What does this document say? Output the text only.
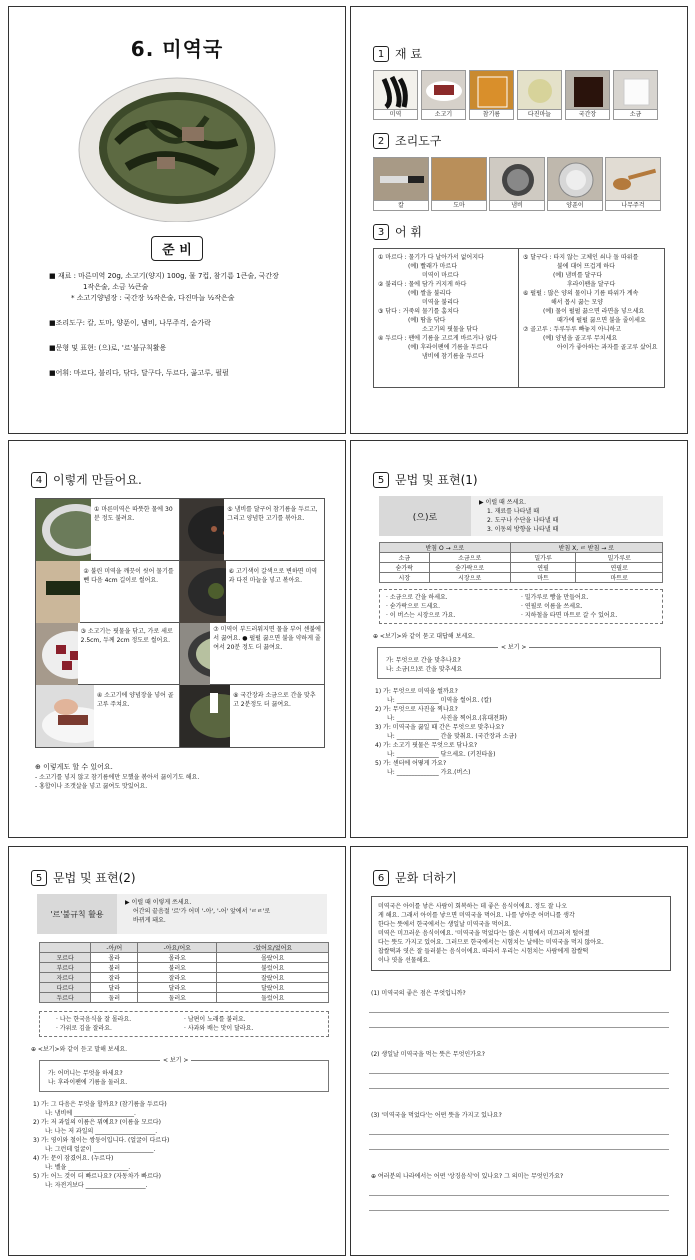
6. 미역국
준 비
■ 재료 : 마른미역 20g, 소고기(양지) 100g, 물 7컵, 참기름 1큰술, 국간장
1작은술, 소금 ½큰술
* 소고기양념장 : 국간장 ½작은술, 다진마늘 ½작은술
■조리도구: 칼, 도마, 양푼이, 냄비, 나무주걱, 숟가락
■문형 및 표현: (으)로, '르'불규칙활용
■어휘: 마르다, 불리다, 닦다, 달구다, 두르다, 곪고루, 펄펄
1 재 료
미역	소고기	참기름	다진마늘	국간장	소금
2 조리도구
칼	도마	냄비	양푼이	나무주걱
3 어 휘
① 마르다 : 물기가 다 날아가서 없어지다
(예) 빨래가 마르다
미역이 마르다
② 불리다 : 물에 담가 커지게 하다
(예) 쌀을 불리다
미역을 불리다
③ 닦다 : 거죽의 물기를 훔치다
(예) 땀을 닦다
소고기의 핏물을 닦다
④ 두르다 : 팬에 기름을 고르게 바르거나 얹다
(예) 후라이팬에 기름을 두르다
냄비에 참기름을 두르다
⑤ 달구다 : 타지 않는 고체인 쇠나 돌 따위를
불에 대어 뜨겁게 하다
(예) 냄비를 달구다
후라이팬을 달구다
⑥ 펄펄 : 많은 양의 물이나 기름 따위가 계속
해서 몹시 끓는 모양
(예) 물이 펄펄 끓으면 라면을 넣으세요
때가에 펄펄 끓으면 불을 줄이세요
⑦ 골고루 : 두루두루 빠놓지 아니하고
(예) 양념을 골고루 무치세요
아이가 좋아하는 과자를 골고루 샀어요
4 이렇게 만들어요.
① 마른미역은 따뜻한 물에 30분 정도 불려요.
② 불린 미역을 깨끗이 씻어 물기를 뺀 다음 4cm 길이로 썰어요.
③ 소고기는 핏물을 닦고, 가로 세로 2.5cm, 두께 2cm 정도로 썰어요.
④ 소고기에 양념장을 넣어 골고루 주쳐요.
⑤ 냄비를 달구어 참기름을 두르고, 그리고 양념한 고기를 볶아요.
⑥ 고기색이 갈색으로 변하면 미역과 다진 마늘을 넣고 볶아요.
⑦ 미역이 부드러워지면 물을 부어 센불에서 끓여요. ● 펄펄 끓으면 불을 약하게 줄여서 20분 정도 더 끓여요.
⑧ 국간장과 소금으로 간을 맞추고 2분정도 더 끓여요.
⊕ 이렇게도 할 수 있어요.
- 소고기를 넣지 않고 참기름에만 모했을 볶아서 끓이기도 해요.
- 홍합이나 조갯살을 넣고 끓여도 맛있어요.
5 문법 및 표현(1)
(으)로
▶ 이럴 때 쓰세요.
1. 재료를 나타낼 때
2. 도구나 수단을 나타낼 때
3. 이동의 방향을 나타낼 때
받침 O → 으로		받침 X, ㄹ 받침 → 로	
소금	소금으로	밀가루	밀가루로
숟가락	숟가락으로	연필	연필로
시장	시장으로	마트	마트로
· 소금으로 간을 하세요.	· 밀가루로 빵을 만들어요.
· 숟가락으로 드세요.	· 연필로 이름을 쓰세요.
· 이 버스는 시장으로 가요.	· 지하철을 타면 마트로 갈 수 있어요.
⊕ <보기>와 같이 묻고 대답해 보세요.
< 보기 >
가: 무엇으로 간을 맞추나요?
나: 소금(으)로 간을 맞추세요
1) 가: 무엇으로 미역을 썰까요?
나: ______________ 미역을 썰어요. (칼)
2) 가: 무엇으로 사진을 찍나요?
나: ______________ 사진을 찍어요.(휴대전화)
3) 가: 미역국을 끓일 때 간은 무엇으로 맞추나요?
나: ______________ 간을 맞춰요. (국간장과 소금)
4) 가: 소고기 핏물은 무엇으로 닦나요?
나: ______________ 닦으세요. (키친타올)
5) 가: 센터에 어떻게 가요?
나: ______________ 가요.(버스)
5 문법 및 표현(2)
'르'불규칙 활용
▶ 이럴 때 이렇게 쓰세요.
어간의 끝음절 '르'가 어미 '-아', '-어' 앞에서 'ㄹㄹ'로
바뀌게 돼요.
	-아/어	-아요/어요	-았어요/었어요
모르다	몰라	몰라요	몰랐어요
부르다	불러	불러요	불렀어요
자르다	잘라	잘라요	잘랐어요
다르다	달라	달라요	달랐어요
두르다	둘러	둘러요	둘렀어요
· 나는 한국음식을 잘 몰라요.	· 남편이 노래를 불러요.
· 가위로 김을 잘라요.	· 사과와 배는 맛이 달라요.
⊕ <보기>와 같이 듣고 말해 보세요.
< 보기 >
가: 어머니는 무엇을 하세요?
나: 후라이팬에 기름을 둘러요.
1) 가: 그 다음은 무엇을 할까요? (참기름을 두르다)
나: 냄비에 ____________________.
2) 가: 저 과일의 이름은 뭐예요? (이름을 모르다)
나: 나는 저 과일의 ____________________.
3) 가: 영이와 철이는 쌍둥이입니다. (얼굴이 다르다)
나: 그런데 얼굴이 ____________________.
4) 가: 문이 잠겼어요. (누르다)
나: 벨을 ____________________.
5) 가: 어느 것이 더 빠르나요? (자동차가 빠르다)
나: 자전거보다 ____________________.
6 문화 더하기
미역국은 아이를 낳은 사람이 회복하는 데 좋은 음식이에요. 정도 잘 나오
게 해요. 그래서 아이를 낳으면 미역국을 먹어요. 나를 낳아준 어머니를 생각
한다는 뜻에서 한국에서는 생일날 미역국을 먹어요.
미역은 미끄러운 음식이에요. '미역국을 먹었다'는 많은 시험에서 미끄러져 떨어졌
다는 뜻도 가지고 있어요. 그러므로 한국에서는 시험치는 날에는 미역국을 먹지 않아요.
찹쌀떡과 엿은 잘 들러붙는 음식이에요. 따라서 우리는 시험치는 사람에게 찹쌀떡
이나 엿을 선물해요.
(1) 미역국의 좋은 점은 무엇입니까?
(2) 생일날 미역국을 먹는 뜻은 무엇인가요?
(3) '미역국을 먹었다'는 어떤 뜻을 가지고 있나요?
⊕ 여러분의 나라에서는 어떤 '상징음식'이 있나요? 그 의미는 무엇인가요?
